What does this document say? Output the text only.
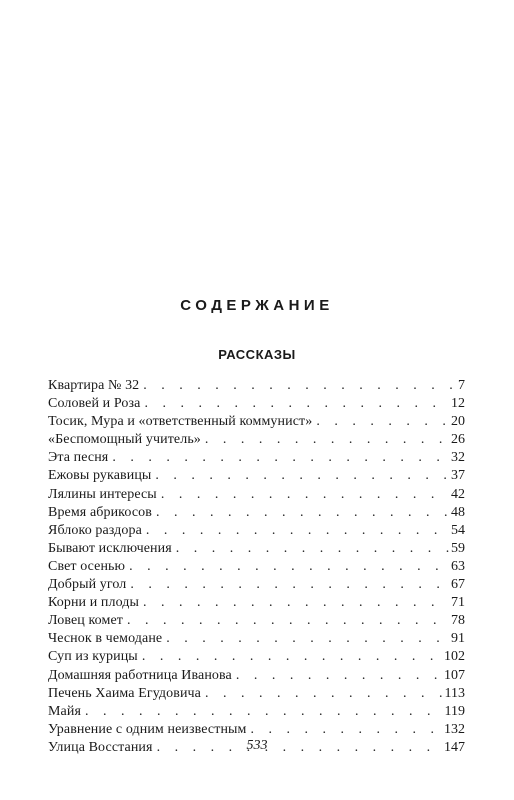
СОДЕРЖАНИЕ
РАССКАЗЫ
Квартира № 32 . . .	7
Соловей и Роза . . .	12
Тосик, Мура и «ответственный коммунист» . . .	20
«Беспомощный учитель» . . .	26
Эта песня . . .	32
Ежовы рукавицы . . .	37
Лялины интересы . . .	42
Время абрикосов . . .	48
Яблоко раздора . . .	54
Бывают исключения . . .	59
Свет осенью . . .	63
Добрый угол . . .	67
Корни и плоды . . .	71
Ловец комет . . .	78
Чеснок в чемодане . . .	91
Суп из курицы . . .	102
Домашняя работница Иванова . . .	107
Печень Хаима Егудовича . . .	113
Майя . . .	119
Уравнение с одним неизвестным . . .	132
Улица Восстания . . .	147
533
